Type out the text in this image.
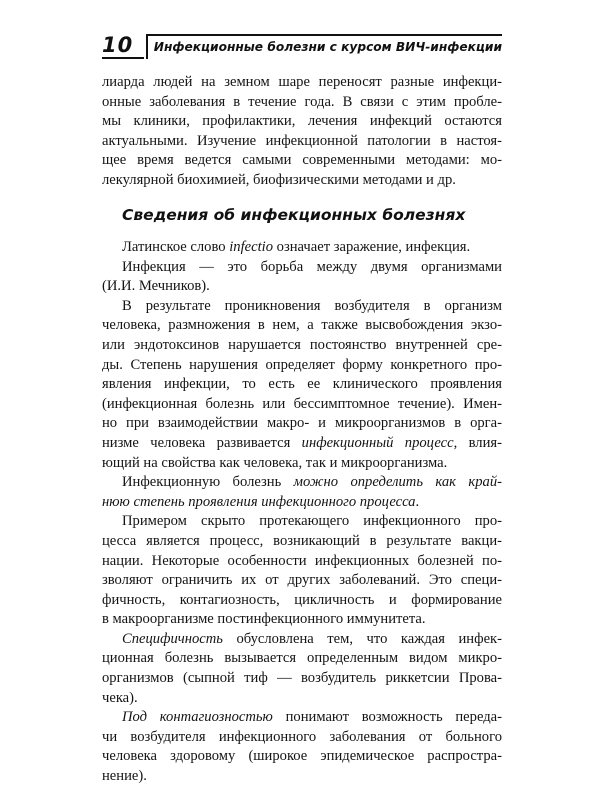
10 Инфекционные болезни с курсом ВИЧ-инфекции
лиарда людей на земном шаре переносят разные инфекци-
онные заболевания в течение года. В связи с этим пробле-
мы клиники, профилактики, лечения инфекций остаются
актуальными. Изучение инфекционной патологии в настоя-
щее время ведется самыми современными методами: мо-
лекулярной биохимией, биофизическими методами и др.
Сведения об инфекционных болезнях
Латинское слово infectio означает заражение, инфекция.
Инфекция — это борьба между двумя организмами
(И.И. Мечников).
В результате проникновения возбудителя в организм
человека, размножения в нем, а также высвобождения экзо-
или эндотоксинов нарушается постоянство внутренней сре-
ды. Степень нарушения определяет форму конкретного про-
явления инфекции, то есть ее клинического проявления
(инфекционная болезнь или бессимптомное течение). Имен-
но при взаимодействии макро- и микроорганизмов в орга-
низме человека развивается инфекционный процесс, влия-
ющий на свойства как человека, так и микроорганизма.
Инфекционную болезнь можно определить как край-
нюю степень проявления инфекционного процесса.
Примером скрыто протекающего инфекционного про-
цесса является процесс, возникающий в результате вакци-
нации. Некоторые особенности инфекционных болезней по-
зволяют ограничить их от других заболеваний. Это специ-
фичность, контагиозность, цикличность и формирование
в макроорганизме постинфекционного иммунитета.
Специфичность обусловлена тем, что каждая инфек-
ционная болезнь вызывается определенным видом микро-
организмов (сыпной тиф — возбудитель риккетсии Прова-
чека).
Под контагиозностью понимают возможность переда-
чи возбудителя инфекционного заболевания от больного
человека здоровому (широкое эпидемическое распростра-
нение).
